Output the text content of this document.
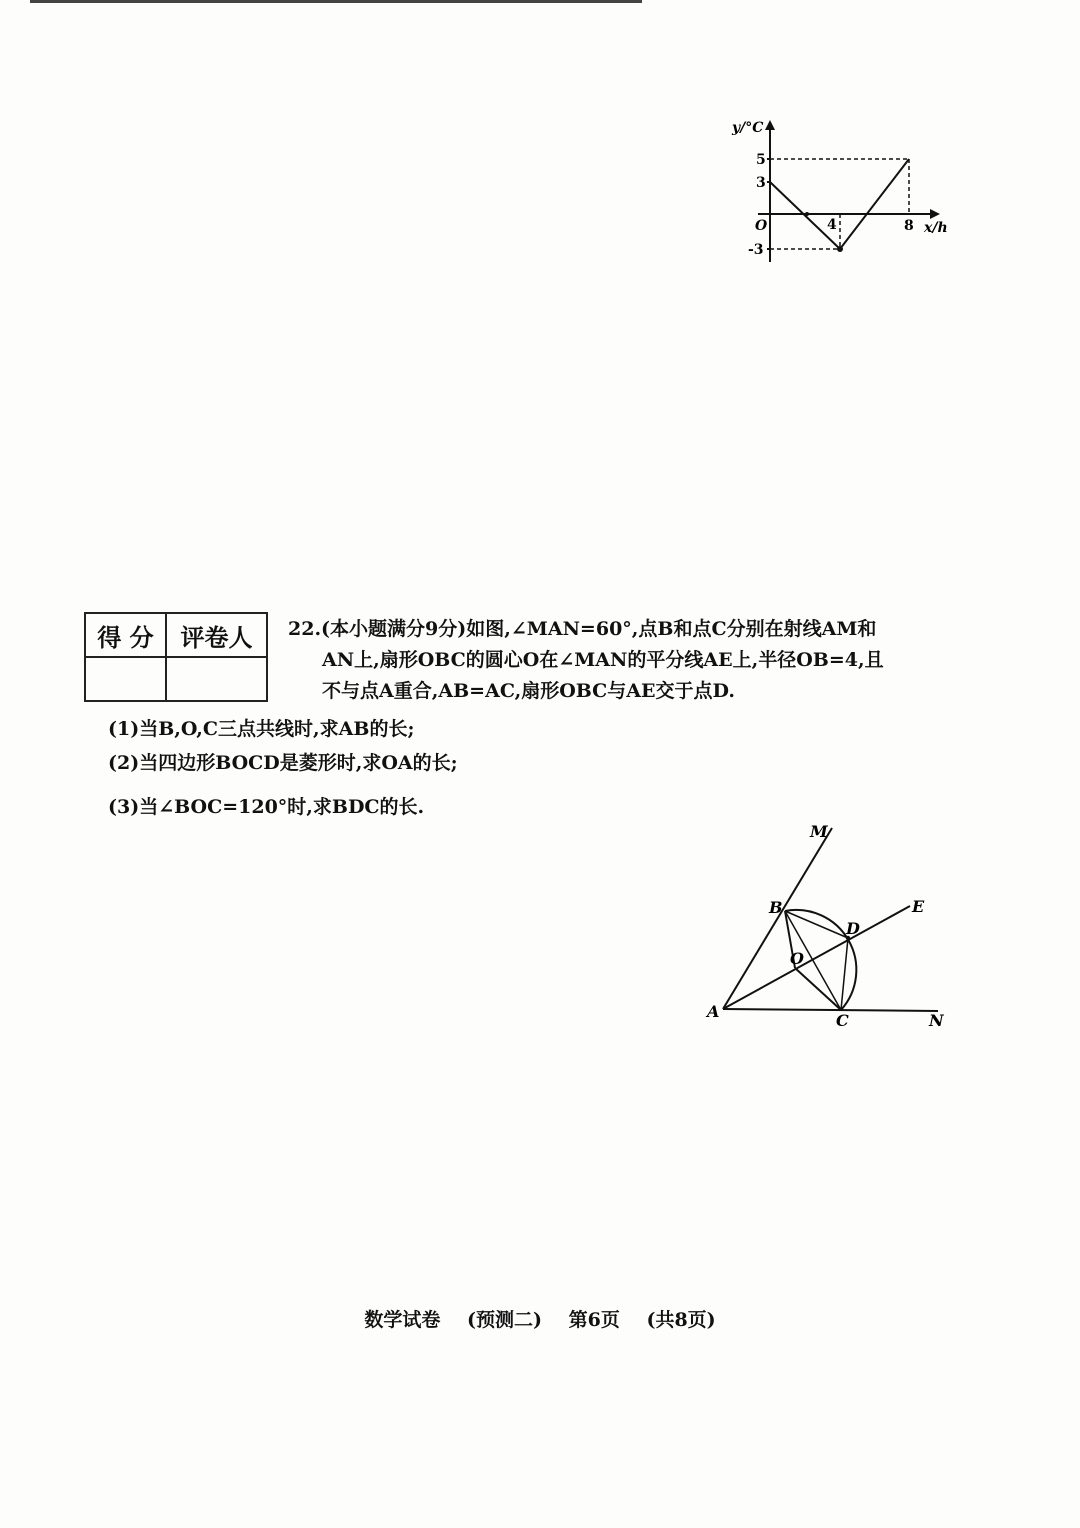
y/°C
x/h
O
5
3
-3
4	8
得 分	评卷人
	22.(本小题满分9分)如图,∠MAN=60°,点B和点C分别在射线AM和
AN上,扇形OBC的圆心O在∠MAN的平分线AE上,半径OB=4,且
不与点A重合,AB=AC,扇形OBC与AE交于点D.
(1)当B,O,C三点共线时,求AB的长;
(2)当四边形BOCD是菱形时,求OA的长;
(3)当∠BOC=120°时,求BDC的长.
M
E
B
D
O
A	C	N
数学试卷 (预测二) 第6页 (共8页)
